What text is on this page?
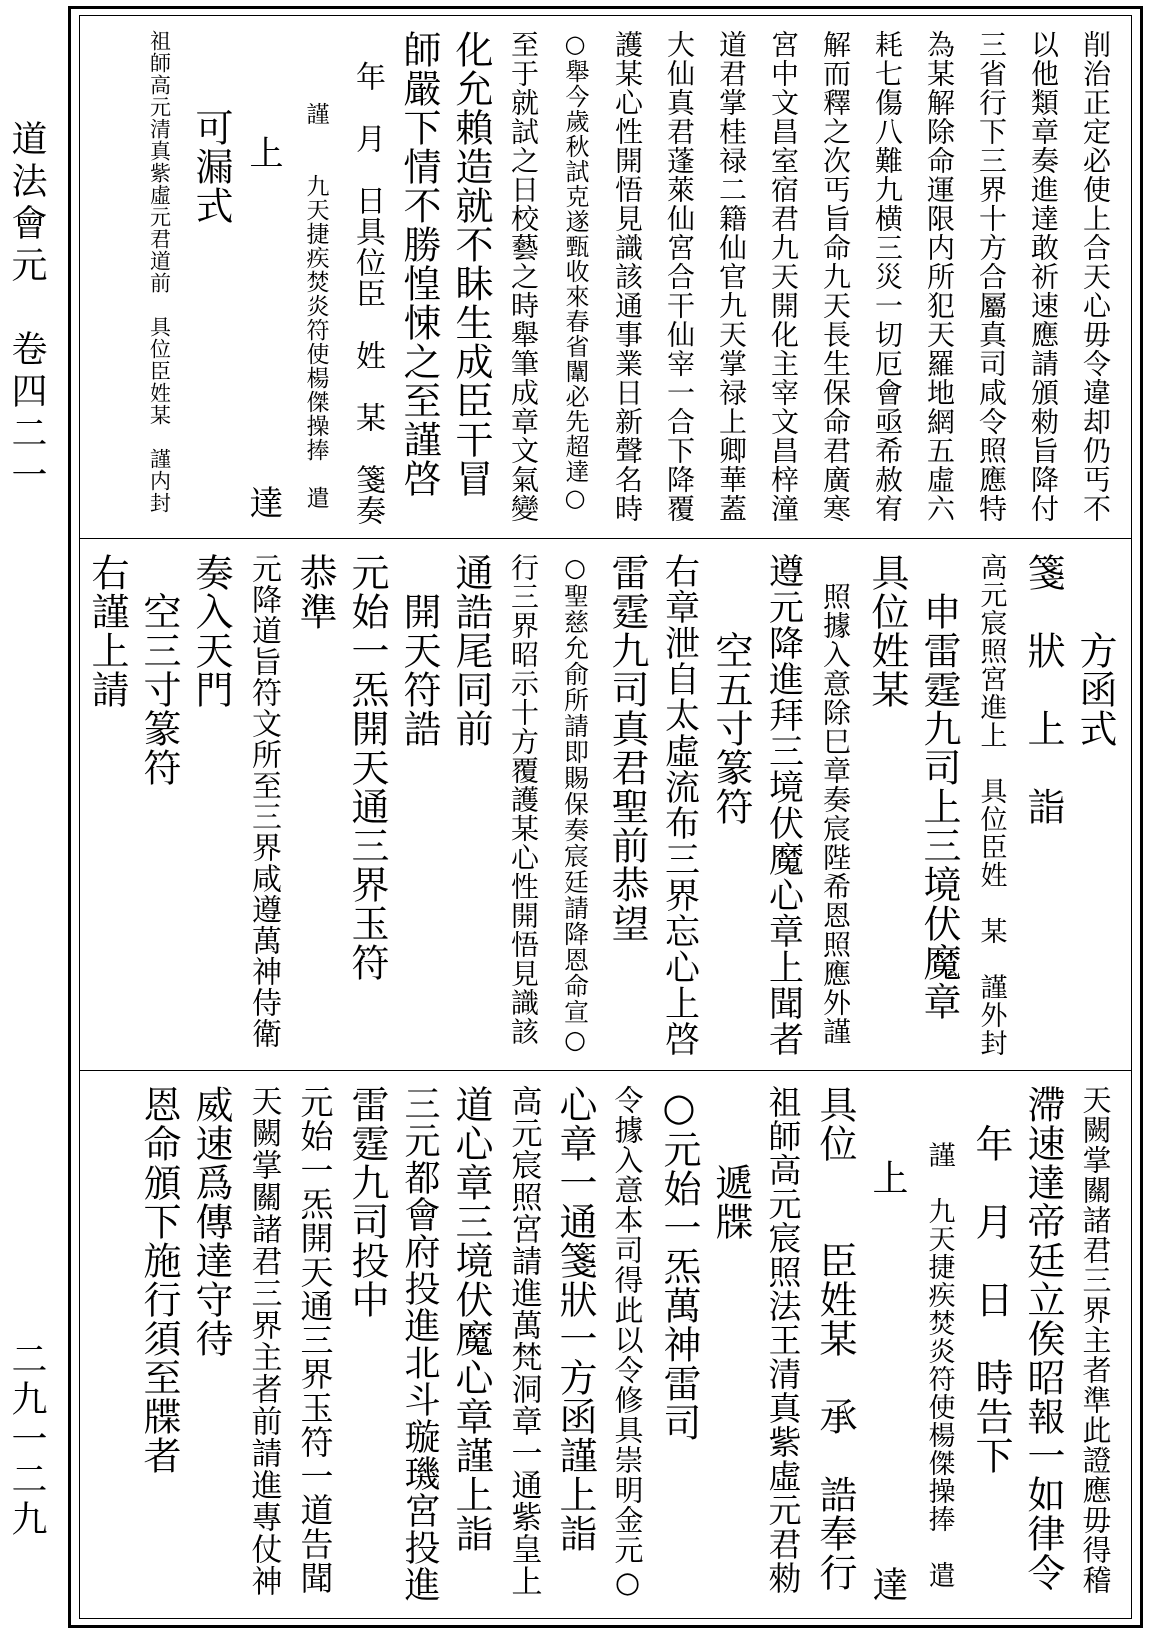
道法會元　卷四二一
二九一二九
削治正定必使上合天心毋令違却仍丐不
以他類章奏進達敢祈速應請頒勑旨降付
三省行下三界十方合屬真司咸令照應特
為某解除命運限内所犯天羅地網五虛六
耗七傷八難九横三災一切厄會亟希赦宥
解而釋之次丐旨命九天長生保命君廣寒
宮中文昌室宿君九天開化主宰文昌梓潼
道君掌桂禄二籍仙官九天掌禄上卿華蓋
大仙真君蓬萊仙宮合干仙宰一合下降覆
護某心性開悟見識該通事業日新聲名時
○舉今歲秋試克遂甄收來春省闈必先超達○
至于就試之日校藝之時舉筆成章文氣變
化允賴造就不眛生成臣干冒
師嚴下情不勝惶悚之至謹啓
　年　月　日具位臣　姓　某　箋奏
　　　謹　　九天捷疾焚炎符使楊傑操捧　遣
　　　上　　　　　　　　　達
　　可漏式
祖師高元清真紫虛元君道前　具位臣姓某　謹内封
　　方函式
箋　狀　上　詣
高元宸照宮進上　具位臣姓　某　謹外封
　申雷霆九司上三境伏魔章
具位姓某
　照據入意除巳章奏宸陛希恩照應外謹
遵元降進拜三境伏魔心章上聞者
　　空五寸篆符
右章泄自太虛流布三界忘心上啓
雷霆九司真君聖前恭望
○聖慈允俞所請即賜保奏宸廷請降恩命宣○
行三界昭示十方覆護某心性開悟見識該
通誥尾同前
　開天符誥
元始一炁開天通三界玉符
恭準
元降道旨符文所至三界咸遵萬神侍衛
奏入天門
　空三寸篆符
右謹上請
天闕掌關諸君三界主者準此證應毋得稽
滯速達帝廷立俟昭報一如律令
　年　月　日　時告下
　　謹　九天捷疾焚炎符使楊傑操捧　遣
　　上　　　　　　　　　　達
具位　　臣姓某　承　誥奉行
祖師高元宸照法王清真紫虛元君勑
　　遞牒
○元始一炁萬神雷司
令據入意本司得此以令修具崇明金元○
心章一通箋狀一方函謹上詣
高元宸照宮請進萬梵洞章一通紫皇上
道心章三境伏魔心章謹上詣
三元都會府投進北斗璇璣宮投進
雷霆九司投中
元始一炁開天通三界玉符一道告聞
天闕掌關諸君三界主者前請進專仗神
威速爲傳達守待
恩命頒下施行須至牒者
